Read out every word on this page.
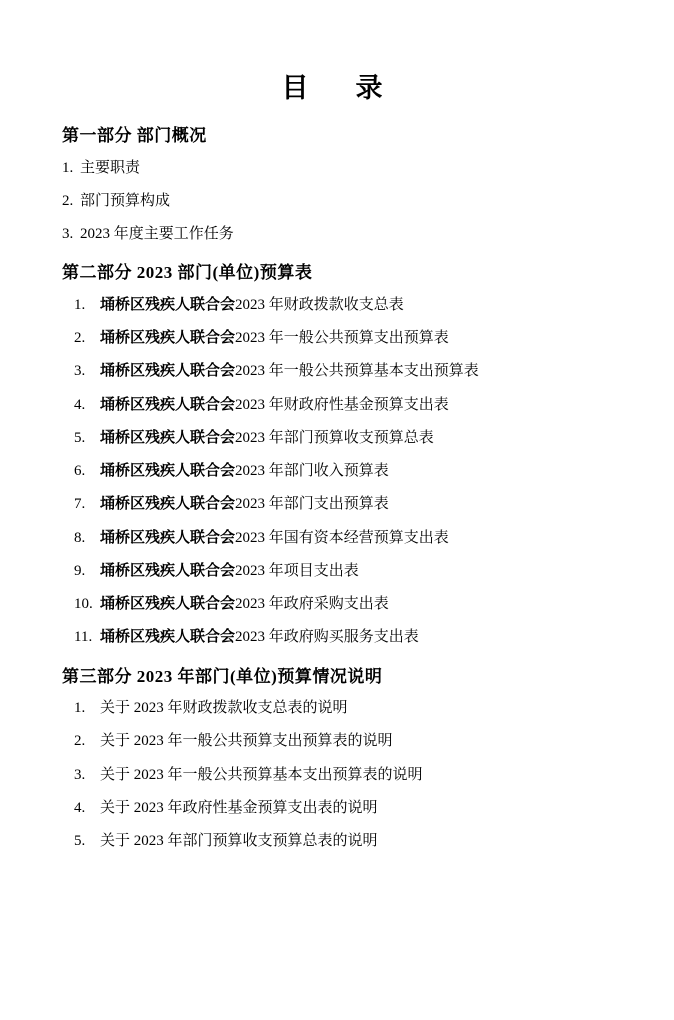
目　录
第一部分 部门概况
1. 主要职责
2. 部门预算构成
3. 2023 年度主要工作任务
第二部分 2023 部门(单位)预算表
1. 埇桥区残疾人联合会2023 年财政拨款收支总表
2. 埇桥区残疾人联合会2023 年一般公共预算支出预算表
3. 埇桥区残疾人联合会2023 年一般公共预算基本支出预算表
4. 埇桥区残疾人联合会2023 年财政府性基金预算支出表
5. 埇桥区残疾人联合会2023 年部门预算收支预算总表
6. 埇桥区残疾人联合会2023 年部门收入预算表
7. 埇桥区残疾人联合会2023 年部门支出预算表
8. 埇桥区残疾人联合会2023 年国有资本经营预算支出表
9. 埇桥区残疾人联合会2023 年项目支出表
10. 埇桥区残疾人联合会2023 年政府采购支出表
11. 埇桥区残疾人联合会2023 年政府购买服务支出表
第三部分 2023 年部门(单位)预算情况说明
1. 关于 2023 年财政拨款收支总表的说明
2. 关于 2023 年一般公共预算支出预算表的说明
3. 关于 2023 年一般公共预算基本支出预算表的说明
4. 关于 2023 年政府性基金预算支出表的说明
5. 关于 2023 年部门预算收支预算总表的说明
